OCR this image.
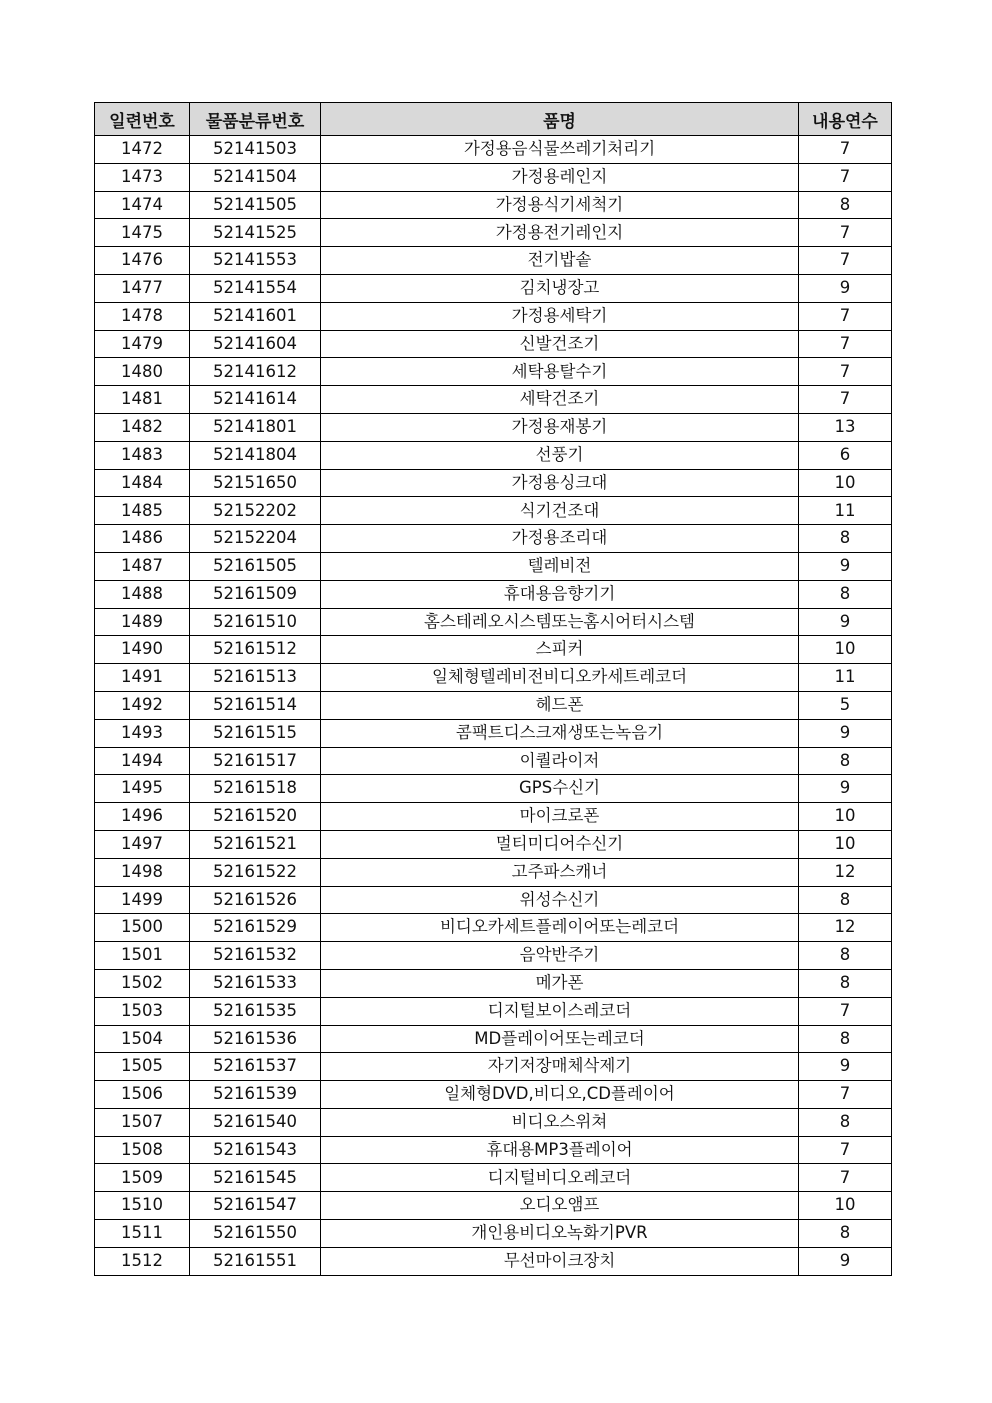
일련번호	물품분류번호	품명	내용연수
1472	52141503	가정용음식물쓰레기처리기	7
1473	52141504	가정용레인지	7
1474	52141505	가정용식기세척기	8
1475	52141525	가정용전기레인지	7
1476	52141553	전기밥솥	7
1477	52141554	김치냉장고	9
1478	52141601	가정용세탁기	7
1479	52141604	신발건조기	7
1480	52141612	세탁용탈수기	7
1481	52141614	세탁건조기	7
1482	52141801	가정용재봉기	13
1483	52141804	선풍기	6
1484	52151650	가정용싱크대	10
1485	52152202	식기건조대	11
1486	52152204	가정용조리대	8
1487	52161505	텔레비전	9
1488	52161509	휴대용음향기기	8
1489	52161510	홈스테레오시스템또는홈시어터시스템	9
1490	52161512	스피커	10
1491	52161513	일체형텔레비전비디오카세트레코더	11
1492	52161514	헤드폰	5
1493	52161515	콤팩트디스크재생또는녹음기	9
1494	52161517	이퀄라이저	8
1495	52161518	GPS수신기	9
1496	52161520	마이크로폰	10
1497	52161521	멀티미디어수신기	10
1498	52161522	고주파스캐너	12
1499	52161526	위성수신기	8
1500	52161529	비디오카세트플레이어또는레코더	12
1501	52161532	음악반주기	8
1502	52161533	메가폰	8
1503	52161535	디지털보이스레코더	7
1504	52161536	MD플레이어또는레코더	8
1505	52161537	자기저장매체삭제기	9
1506	52161539	일체형DVD,비디오,CD플레이어	7
1507	52161540	비디오스위쳐	8
1508	52161543	휴대용MP3플레이어	7
1509	52161545	디지털비디오레코더	7
1510	52161547	오디오앰프	10
1511	52161550	개인용비디오녹화기PVR	8
1512	52161551	무선마이크장치	9
